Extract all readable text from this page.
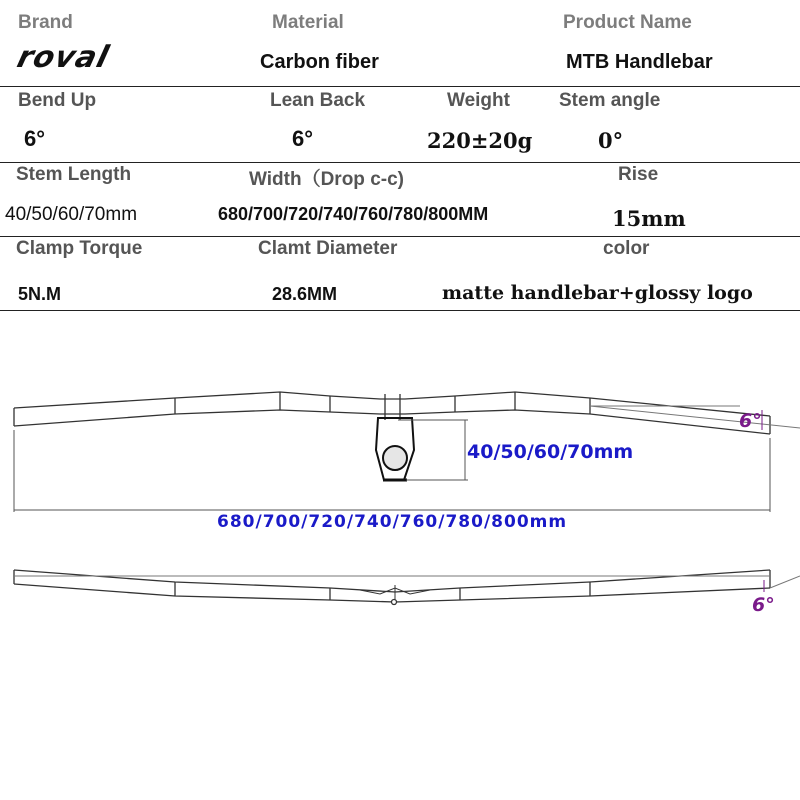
Brand
roval
Material
Carbon fiber
Product Name
MTB Handlebar
Bend Up
6°
Lean Back
6°
Weight
220±20g
Stem angle
0°
Stem Length
40/50/60/70mm
Width（Drop c-c)
680/700/720/740/760/780/800MM
Rise
15mm
Clamp Torque
5N.M
Clamt Diameter
28.6MM
color
matte handlebar+glossy logo
6°
40/50/60/70mm
680/700/720/740/760/780/800mm
6°
